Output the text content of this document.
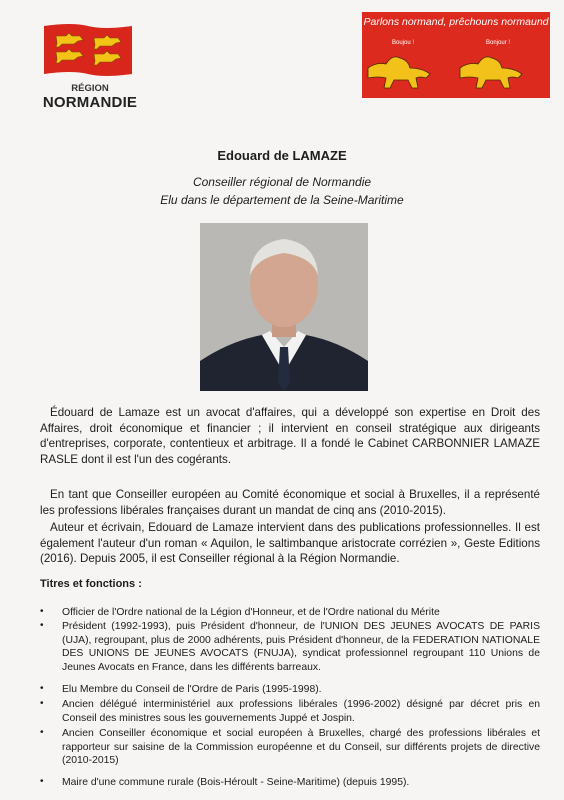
RÉGION
NORMANDIE
Parlons normand, prêchouns normaund
Boujou !	Bonjour !
Edouard de LAMAZE
Conseiller régional de Normandie
Elu dans le département de la Seine-Maritime
Édouard de Lamaze est un avocat d'affaires, qui a développé son expertise en Droit des Affaires, droit économique et financier ; il intervient en conseil stratégique aux dirigeants d'entreprises, corporate, contentieux et arbitrage. Il a fondé le Cabinet CARBONNIER LAMAZE RASLE dont il est l'un des cogérants.
En tant que Conseiller européen au Comité économique et social à Bruxelles, il a représenté les professions libérales françaises durant un mandat de cinq ans (2010-2015).
Auteur et écrivain, Edouard de Lamaze intervient dans des publications professionnelles. Il est également l'auteur d'un roman « Aquilon, le saltimbanque aristocrate corrézien », Geste Editions (2016). Depuis 2005, il est Conseiller régional à la Région Normandie.
Titres et fonctions :
• Officier de l'Ordre national de la Légion d'Honneur, et de l'Ordre national du Mérite
• Président (1992-1993), puis Président d'honneur, de l'UNION DES JEUNES AVOCATS DE PARIS (UJA), regroupant, plus de 2000 adhérents, puis Président d'honneur, de la FEDERATION NATIONALE DES UNIONS DE JEUNES AVOCATS (FNUJA), syndicat professionnel regroupant 110 Unions de Jeunes Avocats en France, dans les différents barreaux.
• Elu Membre du Conseil de l'Ordre de Paris (1995-1998).
• Ancien délégué interministériel aux professions libérales (1996-2002) désigné par décret pris en Conseil des ministres sous les gouvernements Juppé et Jospin.
• Ancien Conseiller économique et social européen à Bruxelles, chargé des professions libérales et rapporteur sur saisine de la Commission européenne et du Conseil, sur différents projets de directive (2010-2015)
• Maire d'une commune rurale (Bois-Héroult - Seine-Maritime) (depuis 1995).
